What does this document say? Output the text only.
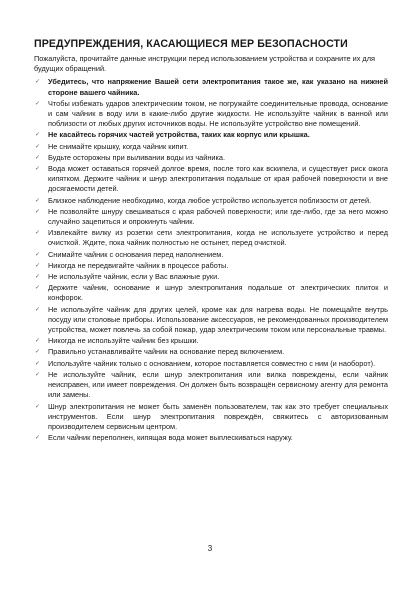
ПРЕДУПРЕЖДЕНИЯ, КАСАЮЩИЕСЯ МЕР БЕЗОПАСНОСТИ

Пожалуйста, прочитайте данные инструкции перед использованием устройства и сохраните их для будущих обращений.

✓ Убедитесь, что напряжение Вашей сети электропитания такое же, как указано на нижней стороне вашего чайника.
✓ Чтобы избежать ударов электрическим током, не погружайте соединительные провода, основание и сам чайник в воду или в какие-либо другие жидкости. Не используйте чайник в ванной или поблизости от любых других источников воды. Не используйте устройство вне помещений.
✓ Не касайтесь горячих частей устройства, таких как корпус или крышка.
✓ Не снимайте крышку, когда чайник кипит.
✓ Будьте осторожны при выливании воды из чайника.
✓ Вода может оставаться горячей долгое время, после того как вскипела, и существует риск ожога кипятком. Держите чайник и шнур электропитания подальше от края рабочей поверхности и вне досягаемости детей.
✓ Близкое наблюдение необходимо, когда любое устройство используется поблизости от детей.
✓ Не позволяйте шнуру свешиваться с края рабочей поверхности; или где-либо, где за него можно случайно зацепиться и опрокинуть чайник.
✓ Извлекайте вилку из розетки сети электропитания, когда не используете устройство и перед очисткой. Ждите, пока чайник полностью не остынет, перед очисткой.
✓ Снимайте чайник с основания перед наполнением.
✓ Никогда не передвигайте чайник в процессе работы.
✓ Не используйте чайник, если у Вас влажные руки.
✓ Держите чайник, основание и шнур электропитания подальше от электрических плиток и конфорок.
✓ Не используйте чайник для других целей, кроме как для нагрева воды. Не помещайте внутрь посуду или столовые приборы. Использование аксессуаров, не рекомендованных производителем устройства, может повлечь за собой пожар, удар электрическим током или персональные травмы.
✓ Никогда не используйте чайник без крышки.
✓ Правильно устанавливайте чайник на основание перед включением.
✓ Используйте чайник только с основанием, которое поставляется совместно с ним (и наоборот).
✓ Не используйте чайник, если шнур электропитания или вилка повреждены, если чайник неисправен, или имеет повреждения. Он должен быть возвращён сервисному агенту для ремонта или замены.
✓ Шнур электропитания не может быть заменён пользователем, так как это требует специальных инструментов. Если шнур электропитания повреждён, свяжитесь с авторизованным производителем сервисным центром.
✓ Если чайник переполнен, кипящая вода может выплескиваться наружу.
3
